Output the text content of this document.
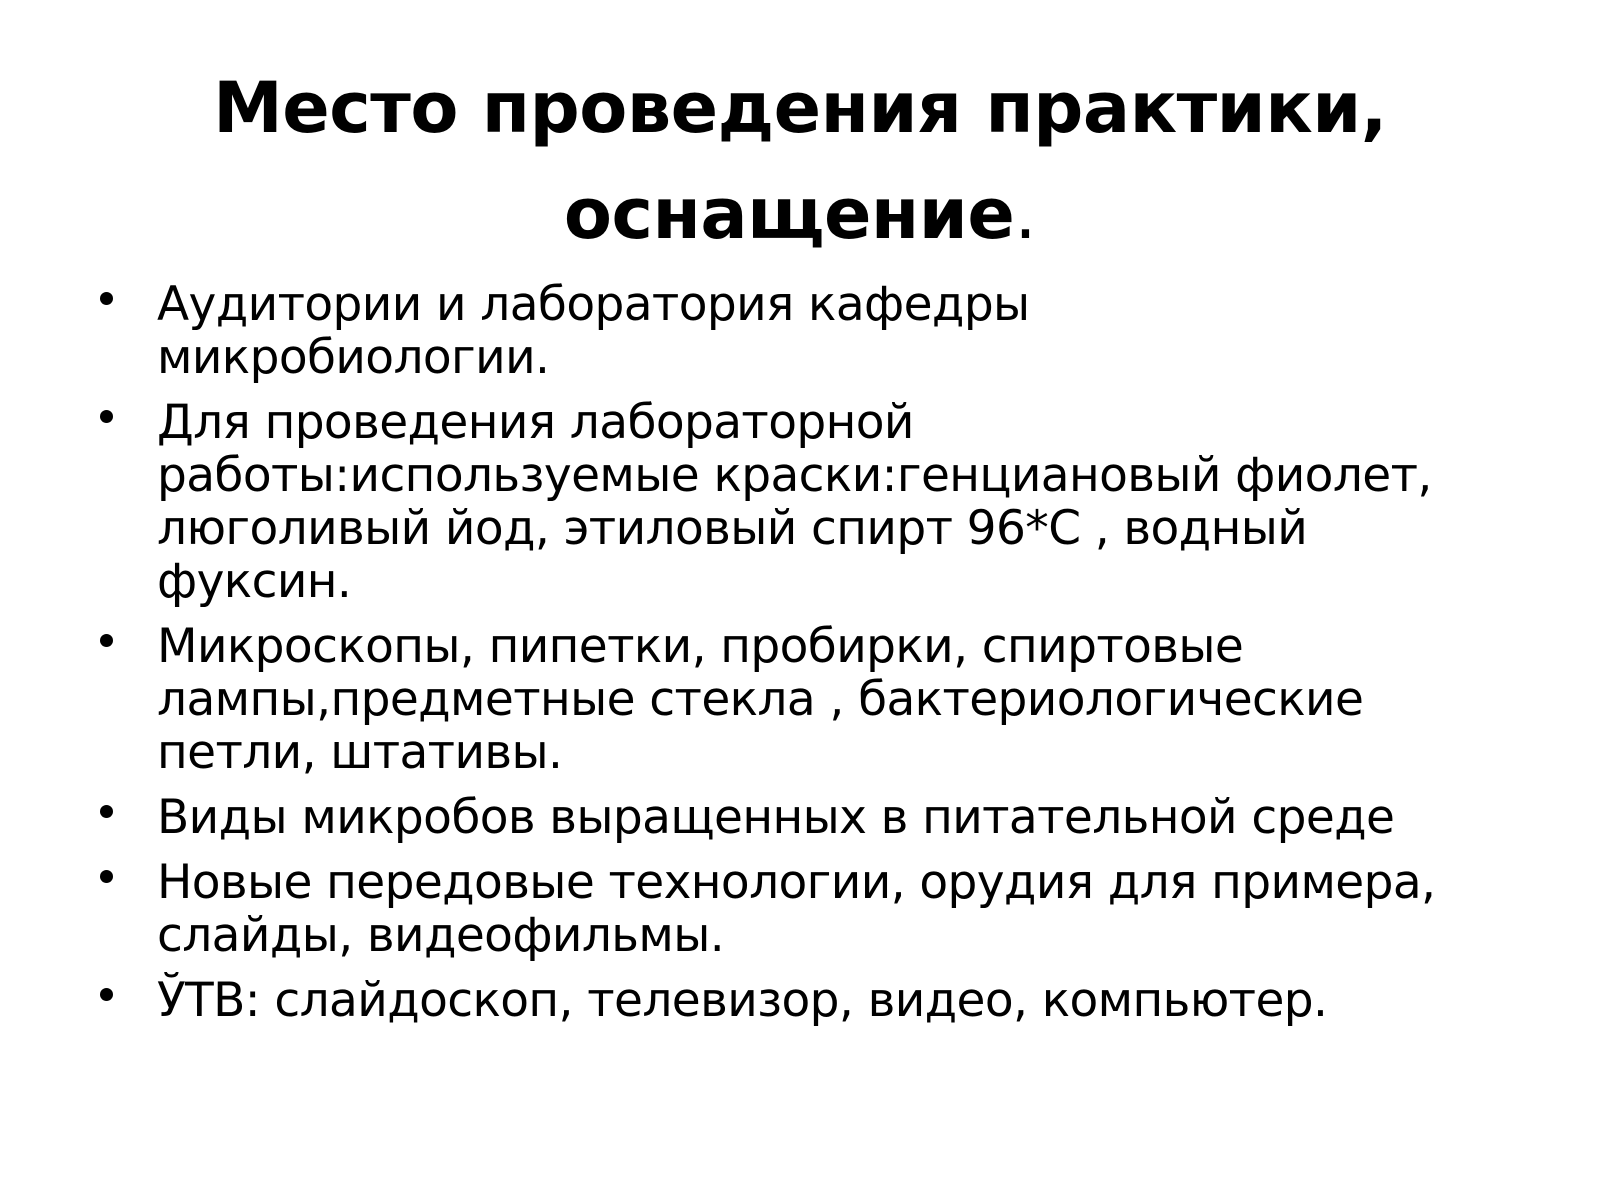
Место проведения практики,
оснащение.
Аудитории и лаборатория кафедры
микробиологии.
Для проведения лабораторной
работы:используемые краски:генциановый фиолет,
люголивый йод, этиловый спирт 96*С , водный
фуксин.
Микроскопы, пипетки, пробирки, спиртовые
лампы,предметные стекла , бактериологические
петли, штативы.
Виды микробов выращенных в питательной среде
Новые передовые технологии, орудия для примера,
слайды, видеофильмы.
ЎТВ: слайдоскоп, телевизор, видео, компьютер.
